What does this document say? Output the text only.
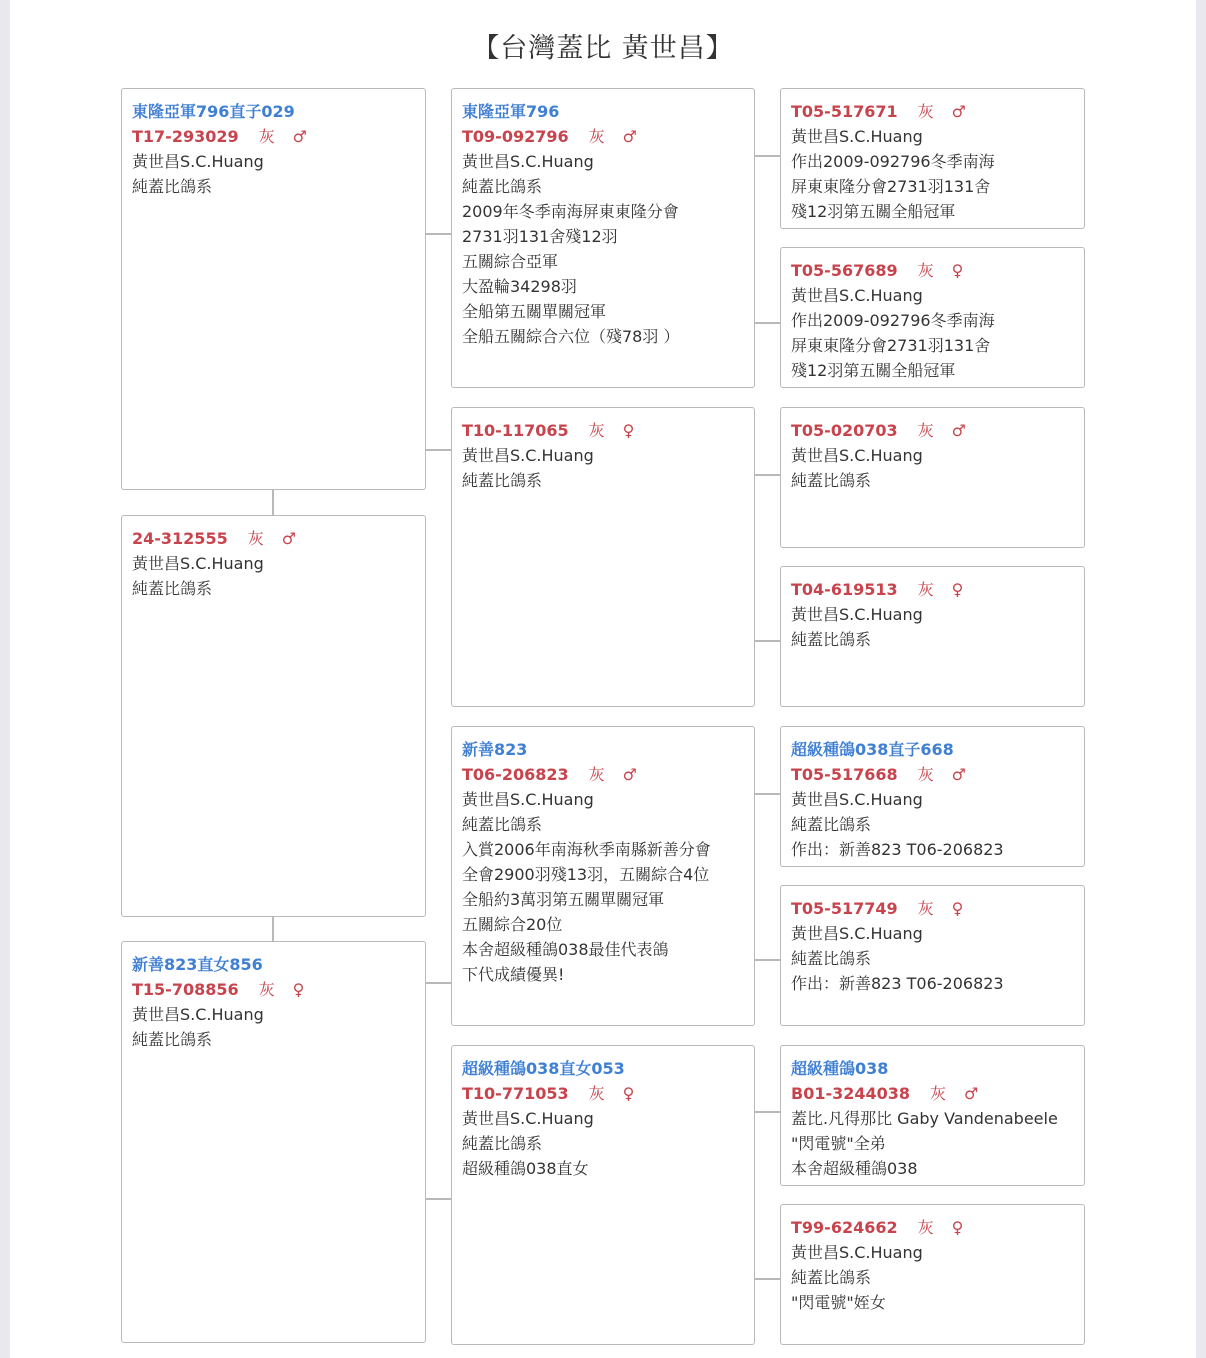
【台灣蓋比 黃世昌】
東隆亞軍796直子029
T17-293029 灰 ♂
黃世昌S.C.Huang
純蓋比鴿系
24-312555 灰 ♂
黃世昌S.C.Huang
純蓋比鴿系
新善823直女856
T15-708856 灰 ♀
黃世昌S.C.Huang
純蓋比鴿系
東隆亞軍796
T09-092796 灰 ♂
黃世昌S.C.Huang
純蓋比鴿系
2009年冬季南海屏東東隆分會
2731羽131舍殘12羽
五關綜合亞軍
大盈輪34298羽
全船第五關單關冠軍
全船五關綜合六位（殘78羽 ）
T10-117065 灰 ♀
黃世昌S.C.Huang
純蓋比鴿系
新善823
T06-206823 灰 ♂
黃世昌S.C.Huang
純蓋比鴿系
入賞2006年南海秋季南縣新善分會
全會2900羽殘13羽，五關綜合4位
全船約3萬羽第五關單關冠軍
五關綜合20位
本舍超級種鴿038最佳代表鴿
下代成績優異!
超級種鴿038直女053
T10-771053 灰 ♀
黃世昌S.C.Huang
純蓋比鴿系
超級種鴿038直女
T05-517671 灰 ♂
黃世昌S.C.Huang
作出2009-092796冬季南海
屏東東隆分會2731羽131舍
殘12羽第五關全船冠軍
T05-567689 灰 ♀
黃世昌S.C.Huang
作出2009-092796冬季南海
屏東東隆分會2731羽131舍
殘12羽第五關全船冠軍
T05-020703 灰 ♂
黃世昌S.C.Huang
純蓋比鴿系
T04-619513 灰 ♀
黃世昌S.C.Huang
純蓋比鴿系
超級種鴿038直子668
T05-517668 灰 ♂
黃世昌S.C.Huang
純蓋比鴿系
作出：新善823 T06-206823
T05-517749 灰 ♀
黃世昌S.C.Huang
純蓋比鴿系
作出：新善823 T06-206823
超級種鴿038
B01-3244038 灰 ♂
蓋比.凡得那比 Gaby Vandenabeele
"閃電號"全弟
本舍超級種鴿038
T99-624662 灰 ♀
黃世昌S.C.Huang
純蓋比鴿系
"閃電號"姪女
